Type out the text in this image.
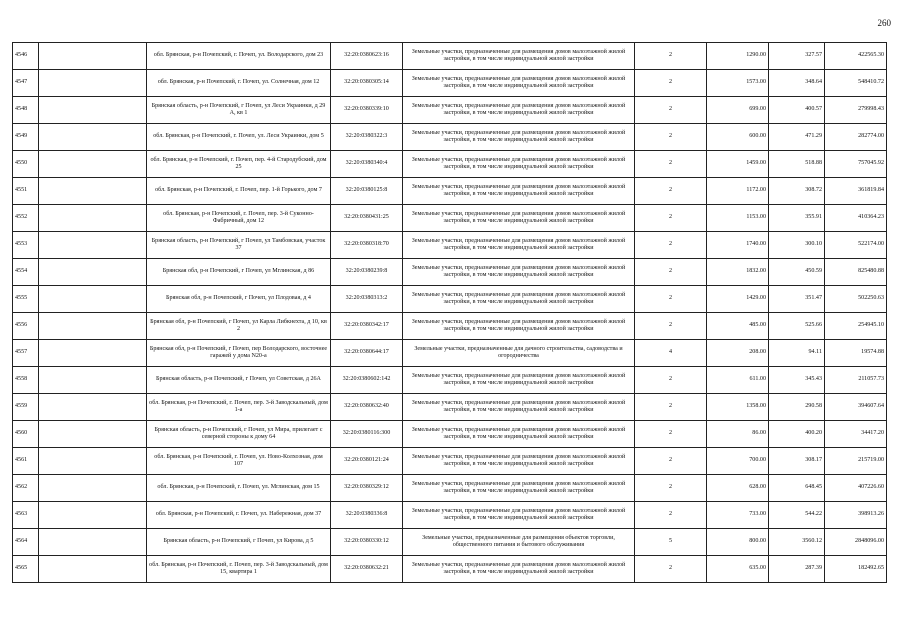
260
4546		обл. Брянская, р-н Почепский, г. Почеп, ул. Володарского, дом 23	32:20:0380623:16	Земельные участки, предназначенные для размещения домов малоэтажной жилой застройки, в том числе индивидуальной жилой застройки	2	1290.00	327.57	422565.30
4547		обл. Брянская, р-н Почепский, г. Почеп, ул. Солнечная, дом 12	32:20:0380305:14	Земельные участки, предназначенные для размещения домов малоэтажной жилой застройки, в том числе индивидуальной жилой застройки	2	1573.00	348.64	548410.72
4548		Брянская область, р-н Почепский, г Почеп, ул Леси Украинки, д 29 А, кв 1	32:20:0380339:10	Земельные участки, предназначенные для размещения домов малоэтажной жилой застройки, в том числе индивидуальной жилой застройки	2	699.00	400.57	279998.43
4549		обл. Брянская, р-н Почепский, г. Почеп, ул. Леси Украинки, дом 5	32:20:0380322:3	Земельные участки, предназначенные для размещения домов малоэтажной жилой застройки, в том числе индивидуальной жилой застройки	2	600.00	471.29	282774.00
4550		обл. Брянская, р-н Почепский, г. Почеп, пер. 4-й Стародубский, дом 25	32:20:0380340:4	Земельные участки, предназначенные для размещения домов малоэтажной жилой застройки, в том числе индивидуальной жилой застройки	2	1459.00	518.88	757045.92
4551		обл. Брянская, р-н Почепский, г. Почеп, пер. 1-й Горького, дом 7	32:20:0380125:8	Земельные участки, предназначенные для размещения домов малоэтажной жилой застройки, в том числе индивидуальной жилой застройки	2	1172.00	308.72	361819.84
4552		обл. Брянская, р-н Почепский, г. Почеп, пер. 3-й Суконно-Фабричный, дом 12	32:20:0380431:25	Земельные участки, предназначенные для размещения домов малоэтажной жилой застройки, в том числе индивидуальной жилой застройки	2	1153.00	355.91	410364.23
4553		Брянская область, р-н Почепский, г Почеп, ул Тамбовская, участок 37	32:20:0380318:70	Земельные участки, предназначенные для размещения домов малоэтажной жилой застройки, в том числе индивидуальной жилой застройки	2	1740.00	300.10	522174.00
4554		Брянская обл, р-н Почепский, г Почеп, ул Мглинская, д 86	32:20:0380239:8	Земельные участки, предназначенные для размещения домов малоэтажной жилой застройки, в том числе индивидуальной жилой застройки	2	1832.00	450.59	825480.88
4555		Брянская обл, р-н Почепский, г Почеп, ул Плодовая, д 4	32:20:0380313:2	Земельные участки, предназначенные для размещения домов малоэтажной жилой застройки, в том числе индивидуальной жилой застройки	2	1429.00	351.47	502250.63
4556		Брянская обл, р-н Почепский, г Почеп, ул Карла Либкнехта, д 10, кв 2	32:20:0380342:17	Земельные участки, предназначенные для размещения домов малоэтажной жилой застройки, в том числе индивидуальной жилой застройки	2	485.00	525.66	254945.10
4557		Брянская обл, р-н Почепский, г Почеп, пер Володарского, восточнее гаражей у дома N20-а	32:20:0380644:17	Земельные участки, предназначенные для дачного строительства, садоводства и огородничества	4	208.00	94.11	19574.88
4558		Брянская область, р-н Почепский, г Почеп, ул Советская, д 26А	32:20:0380602:142	Земельные участки, предназначенные для размещения домов малоэтажной жилой застройки, в том числе индивидуальной жилой застройки	2	611.00	345.43	211057.73
4559		обл. Брянская, р-н Почепский, г. Почеп, пер. 3-й Заводскальный, дом 1-а	32:20:0380632:40	Земельные участки, предназначенные для размещения домов малоэтажной жилой застройки, в том числе индивидуальной жилой застройки	2	1358.00	290.58	394607.64
4560		Брянская область, р-н Почепский, г Почеп, ул Мира, прилегает с северной стороны к дому 64	32:20:0380116:300	Земельные участки, предназначенные для размещения домов малоэтажной жилой застройки, в том числе индивидуальной жилой застройки	2	86.00	400.20	34417.20
4561		обл. Брянская, р-н Почепский, г. Почеп, ул. Ново-Колхозная, дом 107	32:20:0380121:24	Земельные участки, предназначенные для размещения домов малоэтажной жилой застройки, в том числе индивидуальной жилой застройки	2	700.00	308.17	215719.00
4562		обл. Брянская, р-н Почепский, г. Почеп, ул. Мглинская, дом 15	32:20:0380329:12	Земельные участки, предназначенные для размещения домов малоэтажной жилой застройки, в том числе индивидуальной жилой застройки	2	628.00	648.45	407226.60
4563		обл. Брянская, р-н Почепский, г. Почеп, ул. Набережная, дом 37	32:20:0380336:8	Земельные участки, предназначенные для размещения домов малоэтажной жилой застройки, в том числе индивидуальной жилой застройки	2	733.00	544.22	398913.26
4564		Брянская область, р-н Почепский, г Почеп, ул Кирова, д 5	32:20:0380330:12	Земельные участки, предназначенные для размещения объектов торговли, общественного питания и бытового обслуживания	5	800.00	3560.12	2848096.00
4565		обл. Брянская, р-н Почепский, г. Почеп, пер. 3-й Заводскальный, дом 15, квартира 1	32:20:0380632:21	Земельные участки, предназначенные для размещения домов малоэтажной жилой застройки, в том числе индивидуальной жилой застройки	2	635.00	287.39	182492.65
